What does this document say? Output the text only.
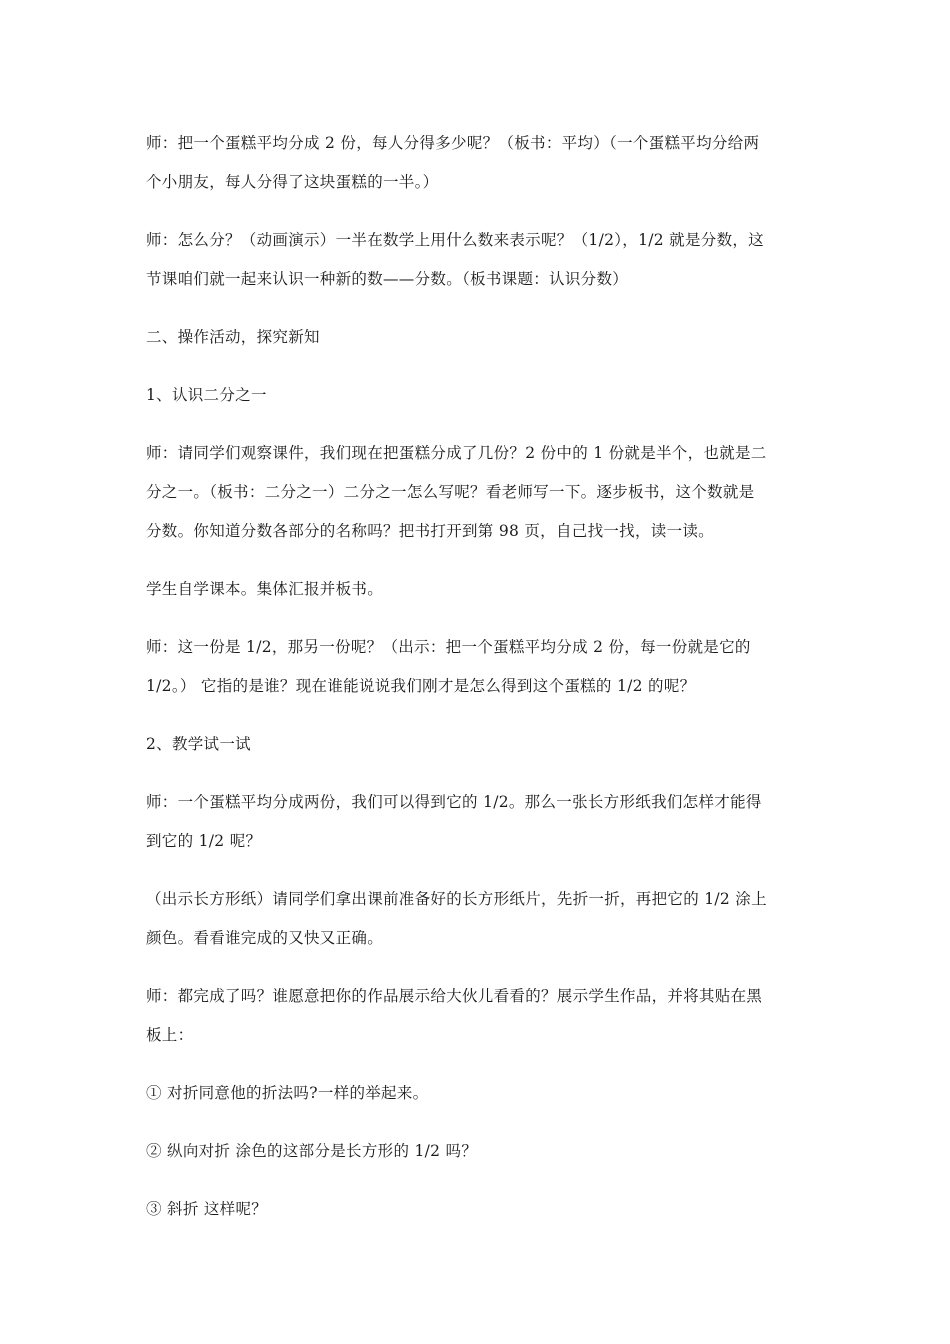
师：把一个蛋糕平均分成 2 份，每人分得多少呢？（板书：平均）（一个蛋糕平均分给两
个小朋友，每人分得了这块蛋糕的一半。）

师：怎么分？（动画演示）一半在数学上用什么数来表示呢？（1/2），1/2 就是分数，这
节课咱们就一起来认识一种新的数——分数。（板书课题：认识分数）

二、操作活动，探究新知

1、认识二分之一

师：请同学们观察课件，我们现在把蛋糕分成了几份？2 份中的 1 份就是半个，也就是二
分之一。（板书：二分之一）二分之一怎么写呢？看老师写一下。逐步板书，这个数就是
分数。你知道分数各部分的名称吗？把书打开到第 98 页，自己找一找，读一读。

学生自学课本。集体汇报并板书。

师：这一份是 1/2，那另一份呢？（出示：把一个蛋糕平均分成 2 份，每一份就是它的
1/2。） 它指的是谁？现在谁能说说我们刚才是怎么得到这个蛋糕的 1/2 的呢？

2、教学试一试

师：一个蛋糕平均分成两份，我们可以得到它的 1/2。那么一张长方形纸我们怎样才能得
到它的 1/2 呢？

（出示长方形纸）请同学们拿出课前准备好的长方形纸片，先折一折，再把它的 1/2 涂上
颜色。看看谁完成的又快又正确。

师：都完成了吗？谁愿意把你的作品展示给大伙儿看看的？展示学生作品，并将其贴在黑
板上：

① 对折同意他的折法吗?一样的举起来。

② 纵向对折 涂色的这部分是长方形的 1/2 吗？

③ 斜折 这样呢？
